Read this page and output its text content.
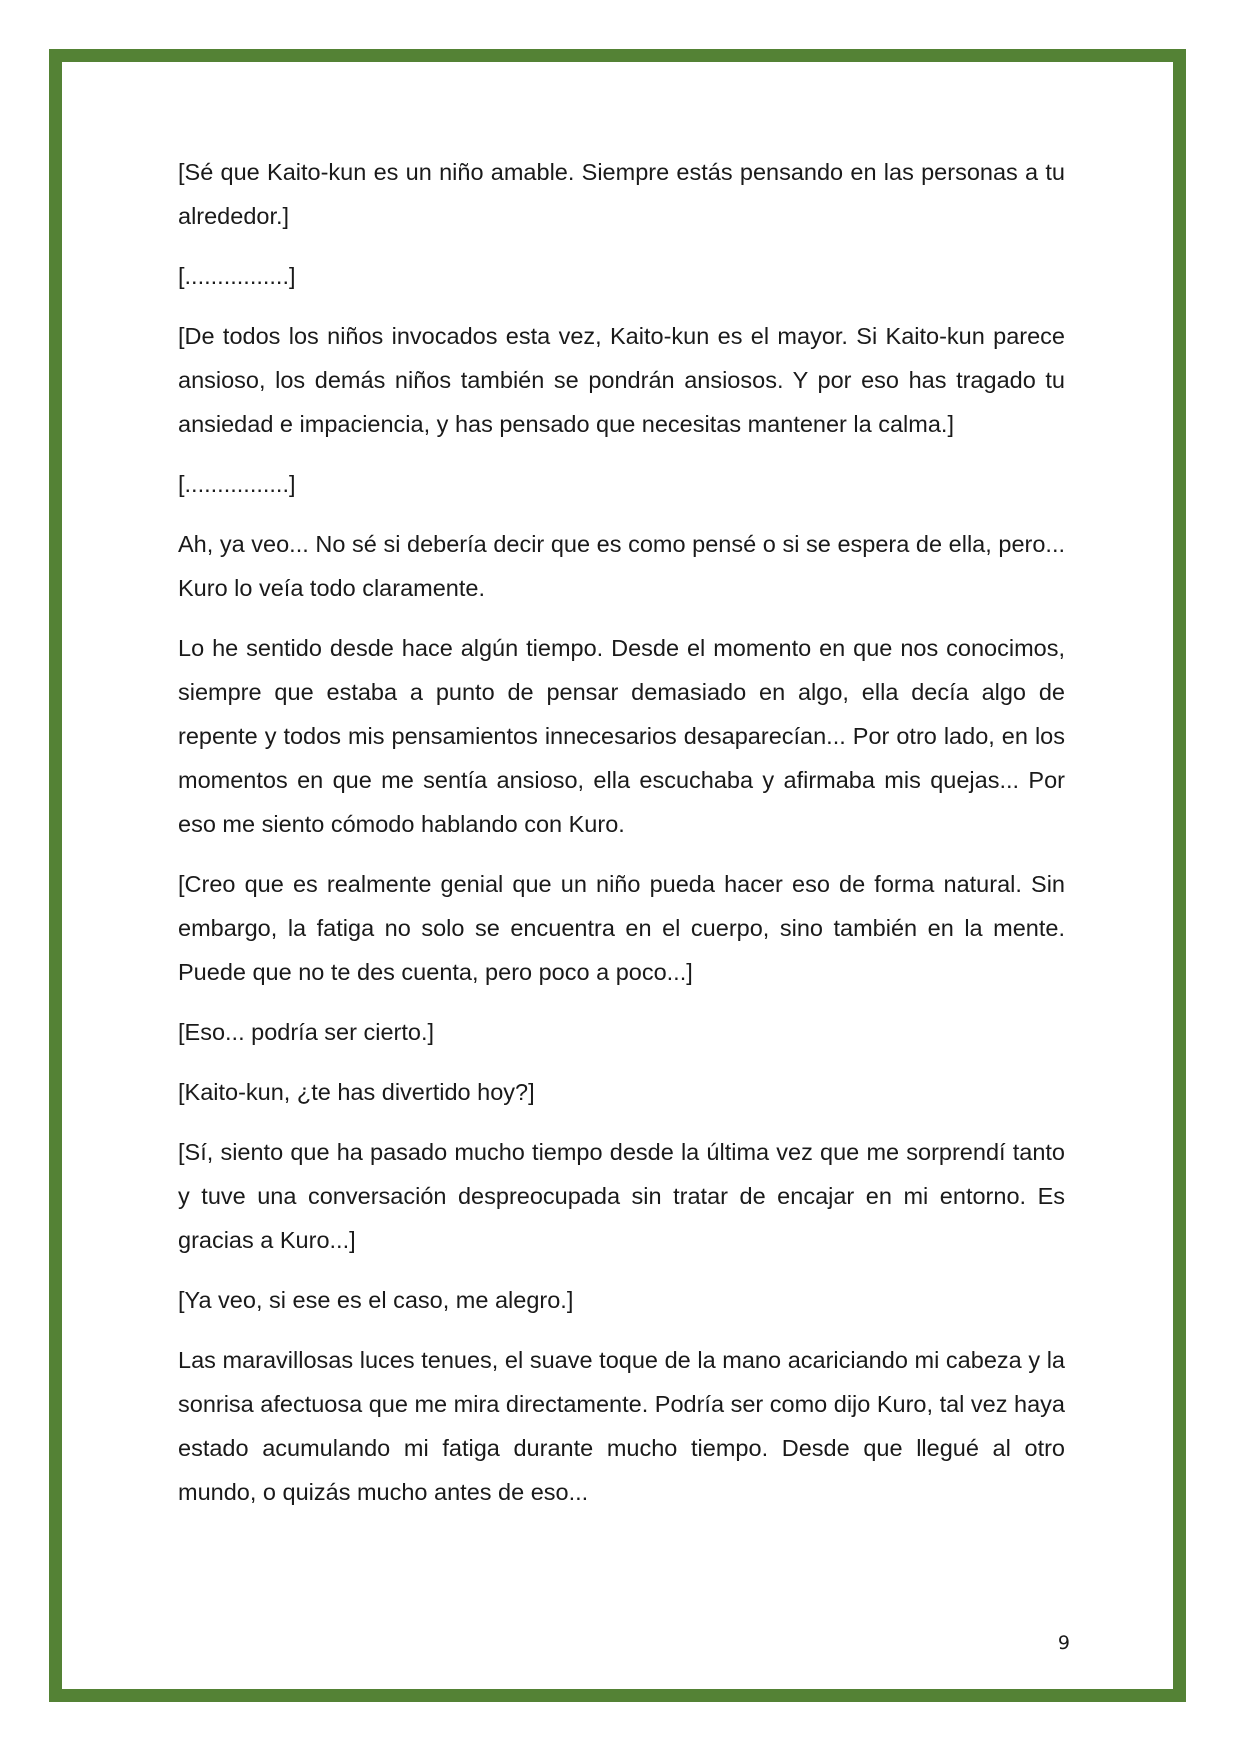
[Sé que Kaito-kun es un niño amable. Siempre estás pensando en las personas a tu alrededor.]

[................]

[De todos los niños invocados esta vez, Kaito-kun es el mayor. Si Kaito-kun parece ansioso, los demás niños también se pondrán ansiosos. Y por eso has tragado tu ansiedad e impaciencia, y has pensado que necesitas mantener la calma.]

[................]

Ah, ya veo... No sé si debería decir que es como pensé o si se espera de ella, pero... Kuro lo veía todo claramente.

Lo he sentido desde hace algún tiempo. Desde el momento en que nos conocimos, siempre que estaba a punto de pensar demasiado en algo, ella decía algo de repente y todos mis pensamientos innecesarios desaparecían... Por otro lado, en los momentos en que me sentía ansioso, ella escuchaba y afirmaba mis quejas... Por eso me siento cómodo hablando con Kuro.

[Creo que es realmente genial que un niño pueda hacer eso de forma natural. Sin embargo, la fatiga no solo se encuentra en el cuerpo, sino también en la mente. Puede que no te des cuenta, pero poco a poco...]

[Eso... podría ser cierto.]

[Kaito-kun, ¿te has divertido hoy?]

[Sí, siento que ha pasado mucho tiempo desde la última vez que me sorprendí tanto y tuve una conversación despreocupada sin tratar de encajar en mi entorno. Es gracias a Kuro...]

[Ya veo, si ese es el caso, me alegro.]

Las maravillosas luces tenues, el suave toque de la mano acariciando mi cabeza y la sonrisa afectuosa que me mira directamente. Podría ser como dijo Kuro, tal vez haya estado acumulando mi fatiga durante mucho tiempo. Desde que llegué al otro mundo, o quizás mucho antes de eso...

9
